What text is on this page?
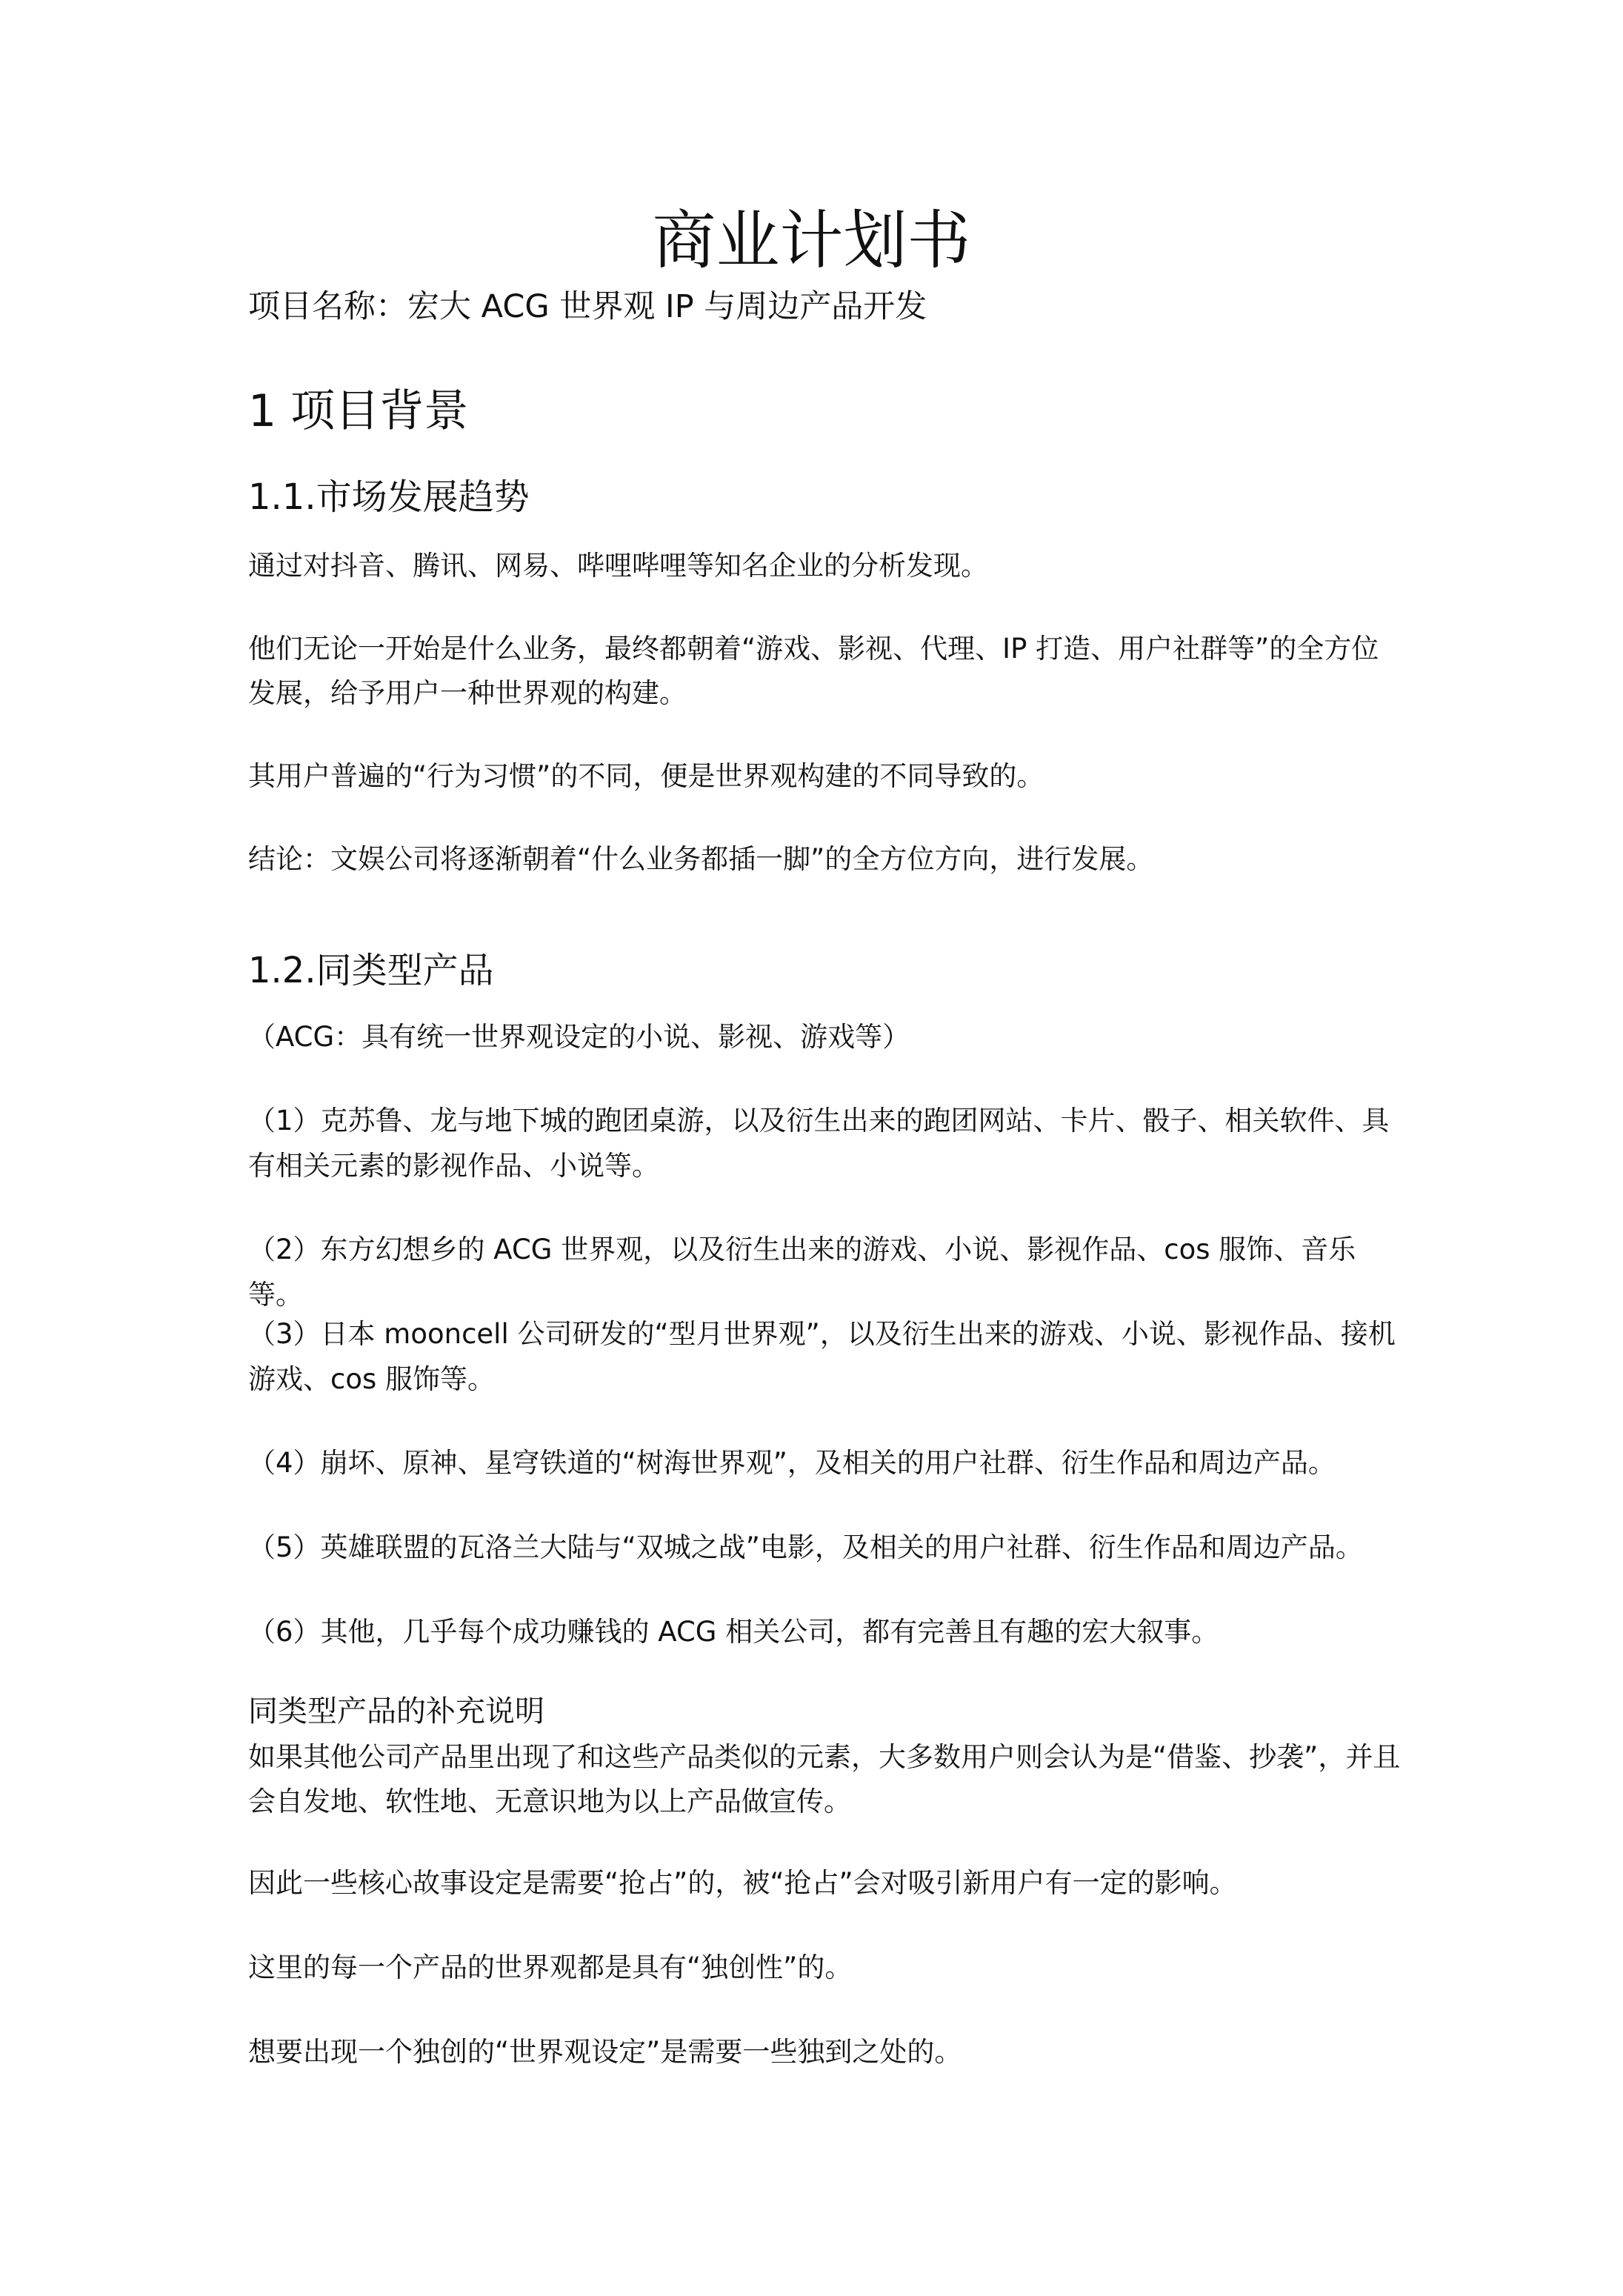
商业计划书

项目名称：宏大 ACG 世界观 IP 与周边产品开发

1 项目背景
1.1.市场发展趋势

通过对抖音、腾讯、网易、哔哩哔哩等知名企业的分析发现。

他们无论一开始是什么业务，最终都朝着“游戏、影视、代理、IP 打造、用户社群等”的全方位发展，给予用户一种世界观的构建。

其用户普遍的“行为习惯”的不同，便是世界观构建的不同导致的。

结论：文娱公司将逐渐朝着“什么业务都插一脚”的全方位方向，进行发展。

1.2.同类型产品

（ACG：具有统一世界观设定的小说、影视、游戏等）

（1）克苏鲁、龙与地下城的跑团桌游，以及衍生出来的跑团网站、卡片、骰子、相关软件、具有相关元素的影视作品、小说等。

（2）东方幻想乡的 ACG 世界观，以及衍生出来的游戏、小说、影视作品、cos 服饰、音乐等。

（3）日本 mooncell 公司研发的“型月世界观”，以及衍生出来的游戏、小说、影视作品、接机游戏、cos 服饰等。

（4）崩坏、原神、星穹铁道的“树海世界观”，及相关的用户社群、衍生作品和周边产品。

（5）英雄联盟的瓦洛兰大陆与“双城之战”电影，及相关的用户社群、衍生作品和周边产品。

（6）其他，几乎每个成功赚钱的 ACG 相关公司，都有完善且有趣的宏大叙事。

同类型产品的补充说明

如果其他公司产品里出现了和这些产品类似的元素，大多数用户则会认为是“借鉴、抄袭”，并且会自发地、软性地、无意识地为以上产品做宣传。

因此一些核心故事设定是需要“抢占”的，被“抢占”会对吸引新用户有一定的影响。

这里的每一个产品的世界观都是具有“独创性”的。

想要出现一个独创的“世界观设定”是需要一些独到之处的。
